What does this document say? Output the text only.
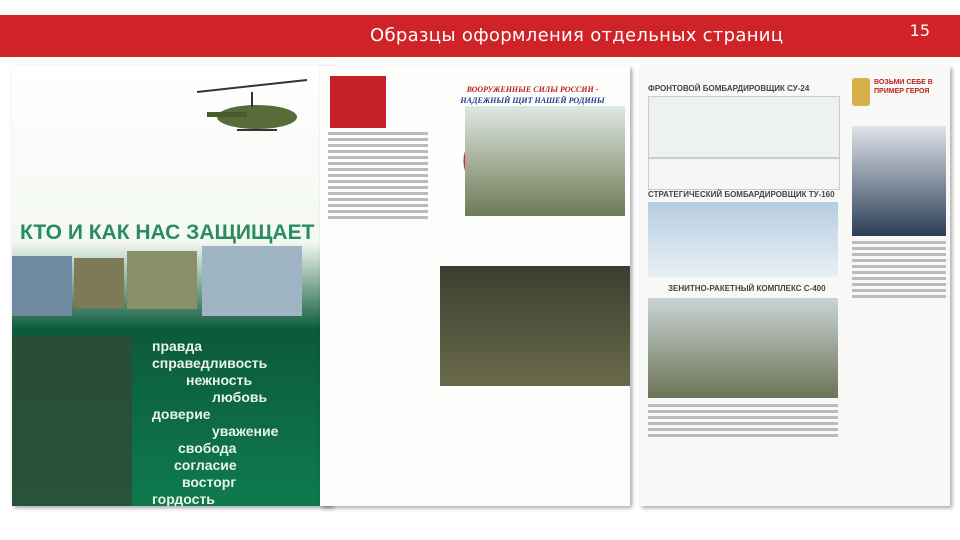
Образцы оформления отдельных страниц	15
КТО И КАК НАС ЗАЩИЩАЕТ
правда
справедливость
нежность
любовь
доверие
уважение
свобода
согласие
восторг
гордость
ВООРУЖЕННЫЕ СИЛЫ РОССИИ -
НАДЕЖНЫЙ ЩИТ НАШЕЙ РОДИНЫ
ФРОНТОВОЙ БОМБАРДИРОВЩИК СУ-24
СТРАТЕГИЧЕСКИЙ БОМБАРДИРОВЩИК ТУ-160
ЗЕНИТНО-РАКЕТНЫЙ КОМПЛЕКС С-400
ВОЗЬМИ СЕБЕ В ПРИМЕР ГЕРОЯ
